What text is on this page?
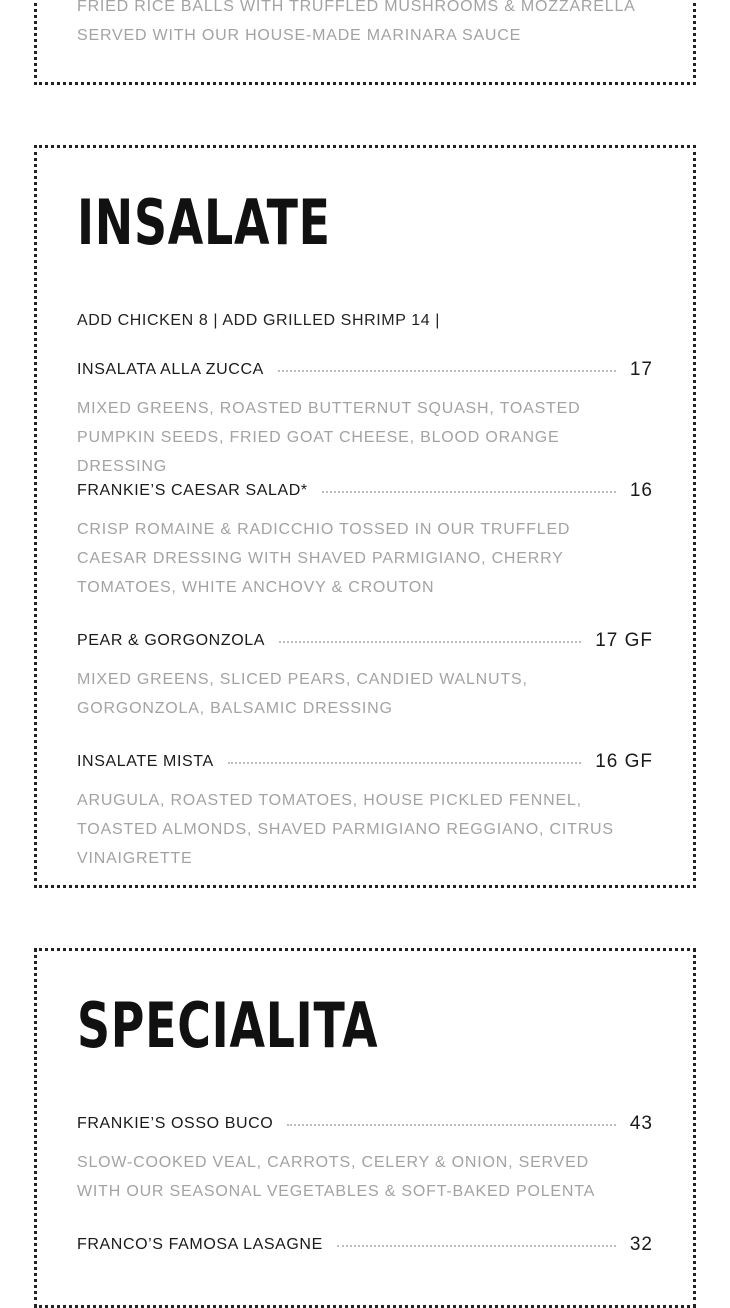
FRIED RICE BALLS WITH TRUFFLED MUSHROOMS & MOZZARELLA
SERVED WITH OUR HOUSE-MADE MARINARA SAUCE

INSALATE
ADD CHICKEN 8 | ADD GRILLED SHRIMP 14 |
INSALATA ALLA ZUCCA	17

MIXED GREENS, ROASTED BUTTERNUT SQUASH, TOASTED PUMPKIN SEEDS, FRIED GOAT CHEESE, BLOOD ORANGE DRESSING

FRANKIE’S CAESAR SALAD*	16

CRISP ROMAINE & RADICCHIO TOSSED IN OUR TRUFFLED CAESAR DRESSING WITH SHAVED PARMIGIANO, CHERRY TOMATOES, WHITE ANCHOVY & CROUTON

PEAR & GORGONZOLA	17 GF

MIXED GREENS, SLICED PEARS, CANDIED WALNUTS, GORGONZOLA, BALSAMIC DRESSING

INSALATE MISTA	16 GF

ARUGULA, ROASTED TOMATOES, HOUSE PICKLED FENNEL, TOASTED ALMONDS, SHAVED PARMIGIANO REGGIANO, CITRUS VINAIGRETTE

SPECIALITA
FRANKIE’S OSSO BUCO	43

SLOW-COOKED VEAL, CARROTS, CELERY & ONION, SERVED WITH OUR SEASONAL VEGETABLES & SOFT-BAKED POLENTA

FRANCO’S FAMOSA LASAGNE	32
